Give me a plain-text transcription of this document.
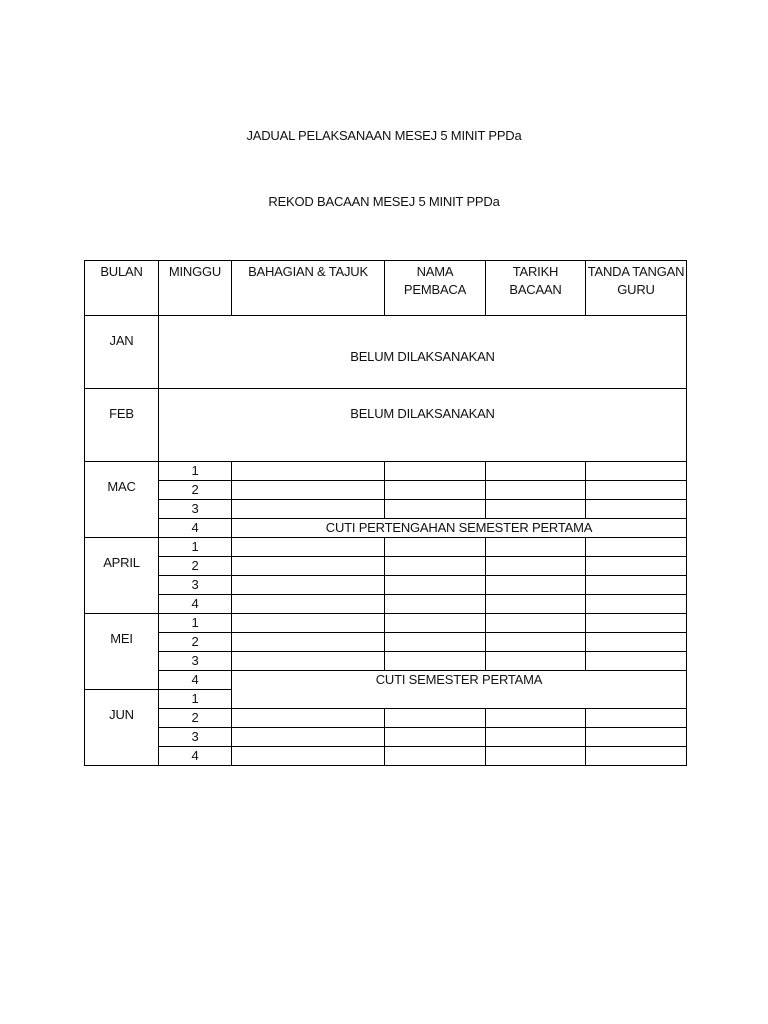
JADUAL PELAKSANAAN MESEJ 5 MINIT PPDa
REKOD BACAAN MESEJ 5 MINIT PPDa
BULAN	MINGGU	BAHAGIAN & TAJUK	NAMA PEMBACA	TARIKH BACAAN	TANDA TANGAN GURU

JAN	BELUM DILAKSANAKAN				

FEB	BELUM DILAKSANAKAN				

MAC	1				
	2				
	3				
	4	CUTI PERTENGAHAN SEMESTER PERTAMA			

APRIL	1				
	2				
	3				
	4				

MEI	1				
	2				
	3				
	4	CUTI SEMESTER PERTAMA			

JUN	1				
	2				
	3				
	4				
